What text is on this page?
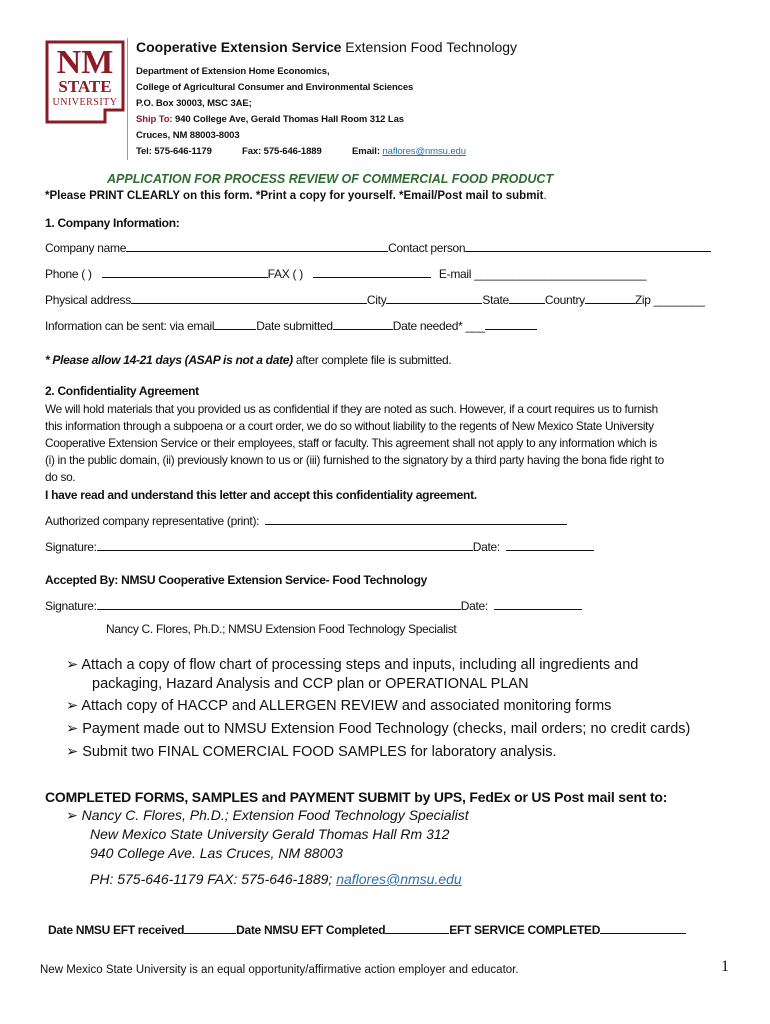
NM
STATE
UNIVERSITY
Cooperative Extension Service Extension Food Technology
Department of Extension Home Economics,
College of Agricultural Consumer and Environmental Sciences
P.O. Box 30003, MSC 3AE;
Ship To: 940 College Ave, Gerald Thomas Hall Room 312 Las
Cruces, NM 88003-8003
Tel: 575-646-1179	Fax: 575-646-1889	Email: naflores@nmsu.edu
APPLICATION FOR PROCESS REVIEW OF COMMERCIAL FOOD PRODUCT
*Please PRINT CLEARLY on this form. *Print a copy for yourself. *Email/Post mail to submit.
1. Company Information:
Company name	Contact person
Phone ( )	FAX ( )	E-mail ___________________________
Physical address	City	State	Country	Zip ________
Information can be sent: via email	Date submitted	Date needed* ___
* Please allow 14-21 days (ASAP is not a date) after complete file is submitted.
2. Confidentiality Agreement
We will hold materials that you provided us as confidential if they are noted as such. However, if a court requires us to furnish
this information through a subpoena or a court order, we do so without liability to the regents of New Mexico State University
Cooperative Extension Service or their employees, staff or faculty. This agreement shall not apply to any information which is
(i) in the public domain, (ii) previously known to us or (iii) furnished to the signatory by a third party having the bona fide right to
do so.
I have read and understand this letter and accept this confidentiality agreement.
Authorized company representative (print):
Signature:	Date:
Accepted By: NMSU Cooperative Extension Service- Food Technology
Signature:	Date:
Nancy C. Flores, Ph.D.; NMSU Extension Food Technology Specialist
➢ Attach a copy of flow chart of processing steps and inputs, including all ingredients and
packaging, Hazard Analysis and CCP plan or OPERATIONAL PLAN
➢ Attach copy of HACCP and ALLERGEN REVIEW and associated monitoring forms
➢ Payment made out to NMSU Extension Food Technology (checks, mail orders; no credit cards)
➢ Submit two FINAL COMERCIAL FOOD SAMPLES for laboratory analysis.
COMPLETED FORMS, SAMPLES and PAYMENT SUBMIT by UPS, FedEx or US Post mail sent to:
➢ Nancy C. Flores, Ph.D.; Extension Food Technology Specialist
New Mexico State University Gerald Thomas Hall Rm 312
940 College Ave. Las Cruces, NM 88003
PH: 575-646-1179 FAX: 575-646-1889; naflores@nmsu.edu
Date NMSU EFT received	Date NMSU EFT Completed	EFT SERVICE COMPLETED
New Mexico State University is an equal opportunity/affirmative action employer and educator.	1
